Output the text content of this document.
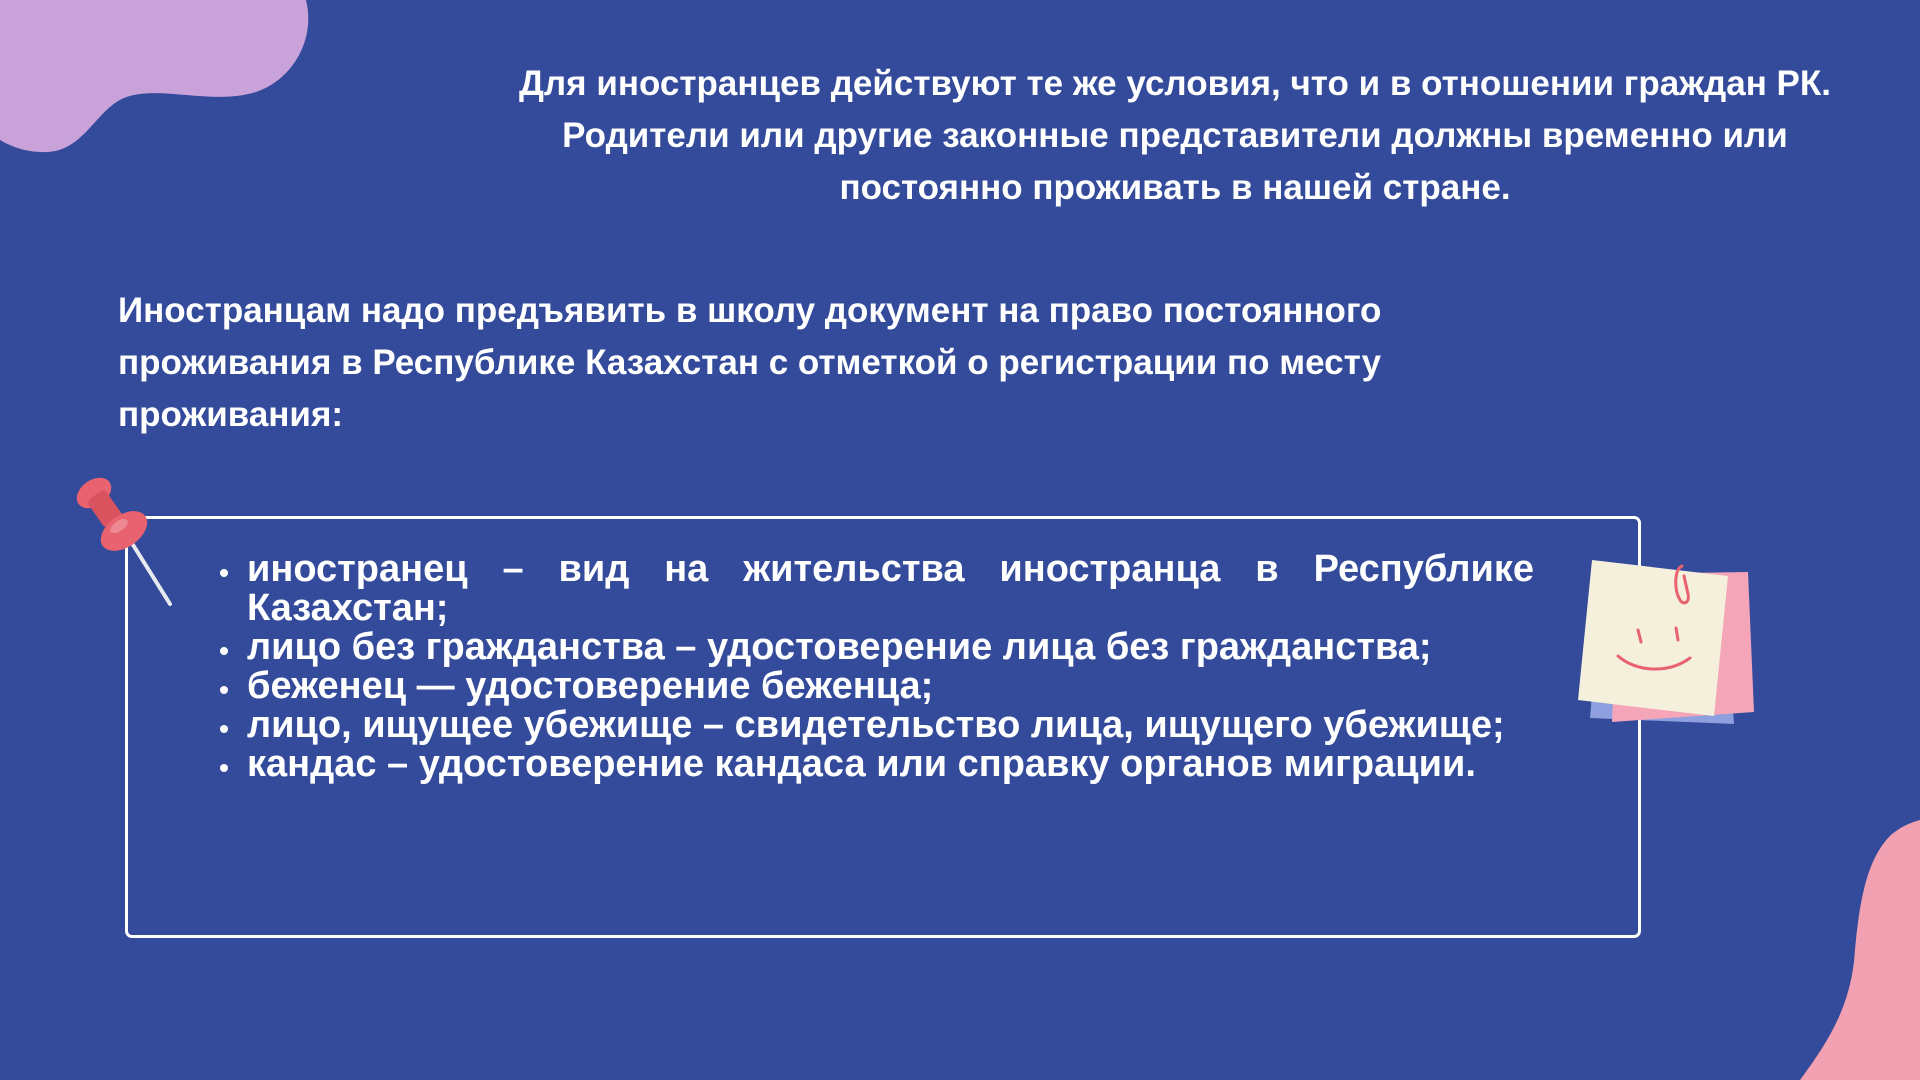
Для иностранцев действуют те же условия, что и в отношении граждан РК. Родители или другие законные представители должны временно или постоянно проживать в нашей стране.

Иностранцам надо предъявить в школу документ на право постоянного проживания в Республике Казахстан с отметкой о регистрации по месту проживания:

• иностранец – вид на жительства иностранца в Республике Казахстан;
• лицо без гражданства – удостоверение лица без гражданства;
• беженец — удостоверение беженца;
• лицо, ищущее убежище – свидетельство лица, ищущего убежище;
• кандас – удостоверение кандаса или справку органов миграции.
